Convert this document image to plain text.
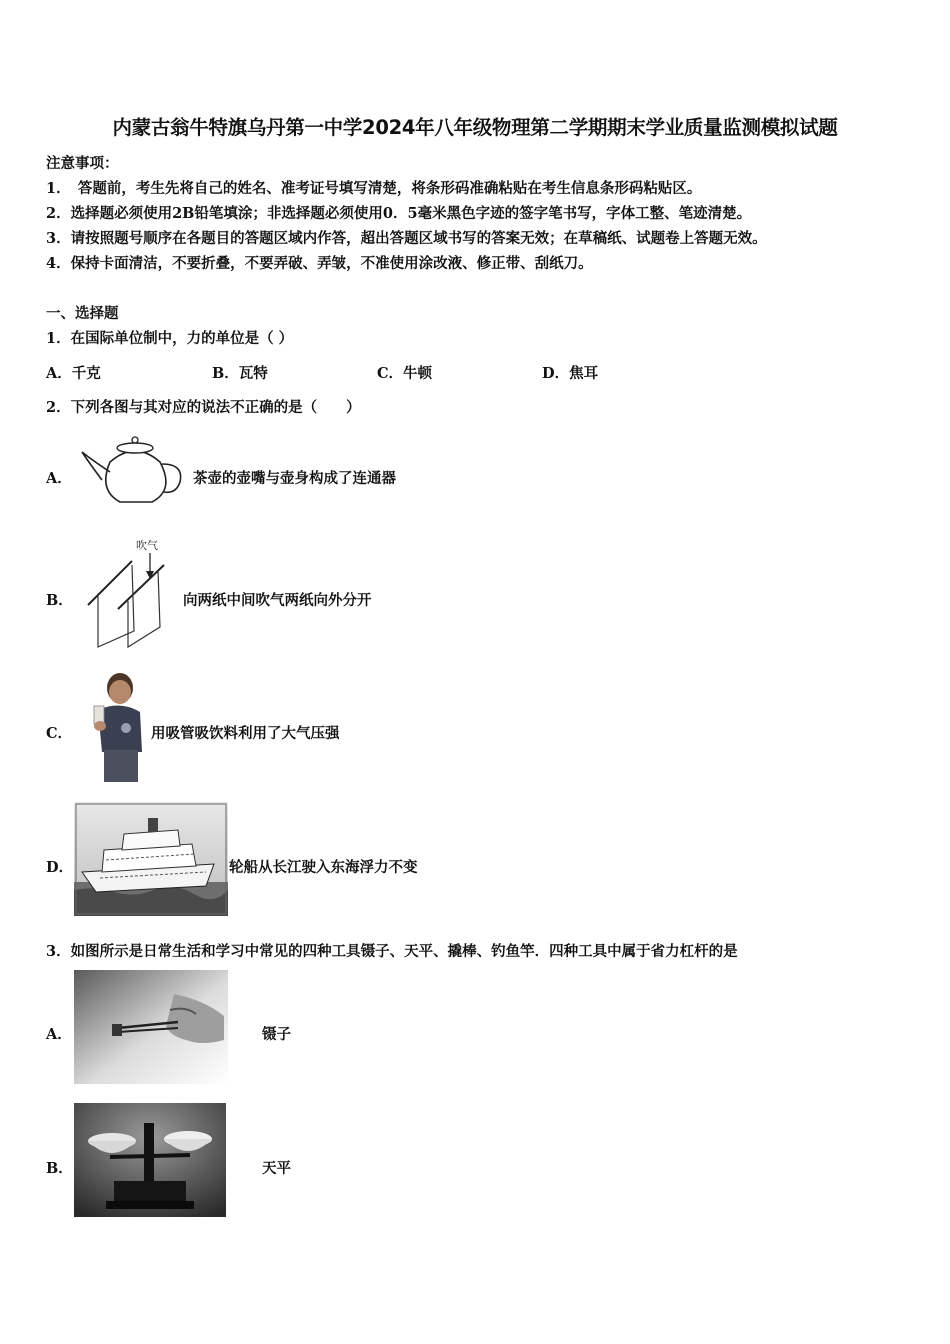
内蒙古翁牛特旗乌丹第一中学2024年八年级物理第二学期期末学业质量监测模拟试题
注意事项：
1．　答题前，考生先将自己的姓名、准考证号填写清楚，将条形码准确粘贴在考生信息条形码粘贴区。
2．选择题必须使用2B铅笔填涂；非选择题必须使用0．5毫米黑色字迹的签字笔书写，字体工整、笔迹清楚。
3．请按照题号顺序在各题目的答题区域内作答，超出答题区域书写的答案无效；在草稿纸、试题卷上答题无效。
4．保持卡面清洁，不要折叠，不要弄破、弄皱，不准使用涂改液、修正带、刮纸刀。
一、选择题
1．在国际单位制中，力的单位是（ ）
A．千克	B．瓦特	C．牛顿	D．焦耳
2．下列各图与其对应的说法不正确的是（　　）
A．	茶壶的壶嘴与壶身构成了连通器
B．
吹气
向两纸中间吹气两纸向外分开
C．	用吸管吸饮料利用了大气压强
D．	轮船从长江驶入东海浮力不变
3．如图所示是日常生活和学习中常见的四种工具镊子、天平、撬棒、钓鱼竿．四种工具中属于省力杠杆的是
A．	镊子
B．	天平
